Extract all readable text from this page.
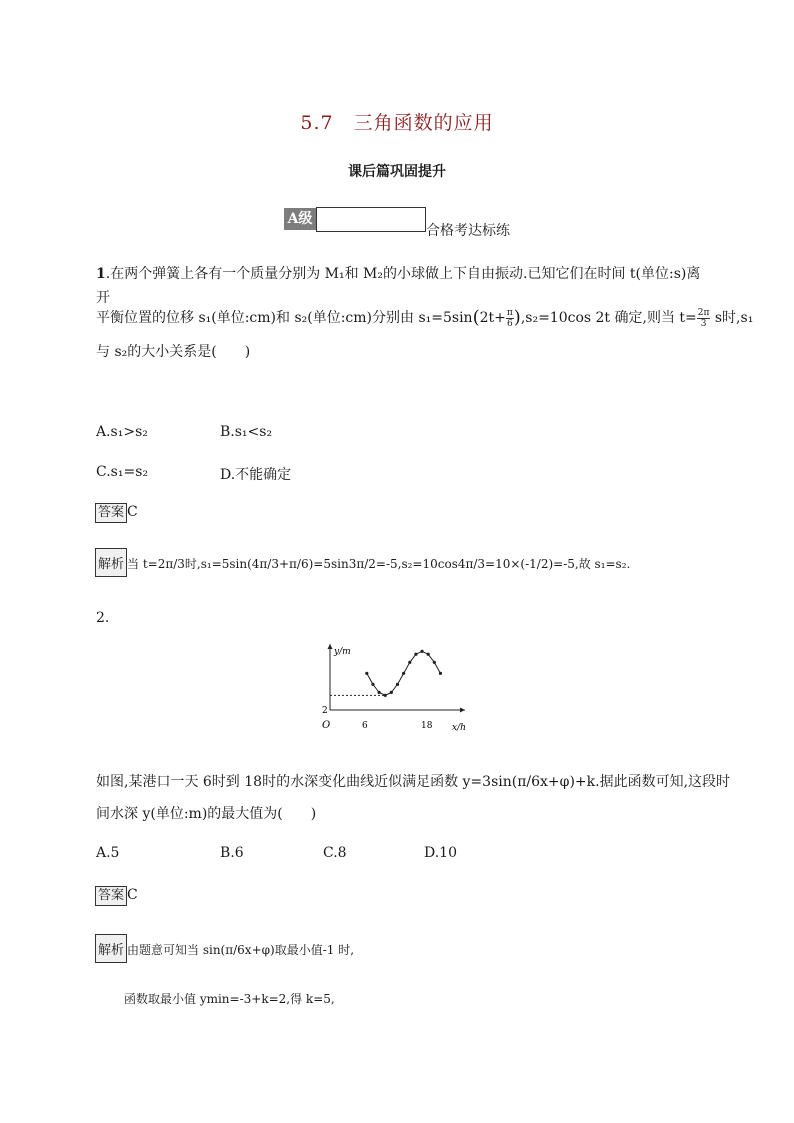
5.7　三角函数的应用
课后篇巩固提升
A级
合格考达标练
1.在两个弹簧上各有一个质量分别为 M₁和 M₂的小球做上下自由振动.已知它们在时间 t(单位:s)离开
平衡位置的位移 s₁(单位:cm)和 s₂(单位:cm)分别由 $s_1=5\sin(2t+ \frac{\pi}{6} ),s_2=10\cos$ 2t 确定,则当 $t= \frac{2\pi}{3}$ s时,s₁
与 s₂的大小关系是(　　)
A.s₁>s₂	B.s₁<s₂
C.s₁=s₂	D.不能确定
答案 C
解析 当 t=2π/3时,s₁=5sin(4π/3+π/6)=5sin3π/2=-5,s₂=10cos4π/3=10×(-1/2)=-5,故 s₁=s₂.
2.
y/m
x/h
O	6	18
2
如图,某港口一天 6时到 18时的水深变化曲线近似满足函数 y=3sin(π/6x+φ)+k.据此函数可知,这段时
间水深 y(单位:m)的最大值为(　　)
A.5	B.6	C.8	D.10
答案 C
解析 由题意可知当 sin(π/6x+φ)取最小值-1 时,
函数取最小值 ymin=-3+k=2,得 k=5,
